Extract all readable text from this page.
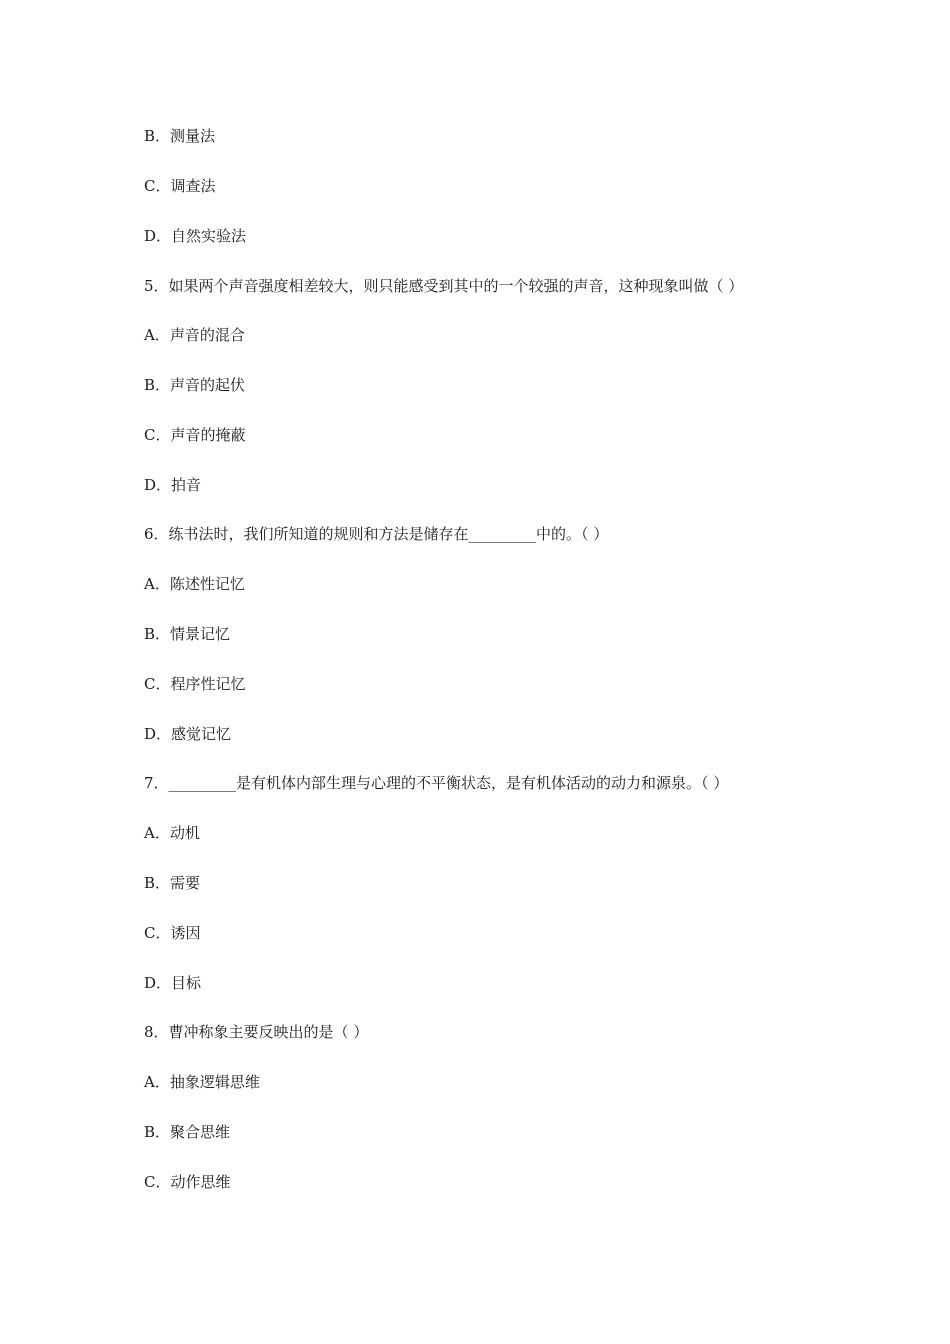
B．测量法
C．调查法
D．自然实验法
5．如果两个声音强度相差较大，则只能感受到其中的一个较强的声音，这种现象叫做（ ）
A．声音的混合
B．声音的起伏
C．声音的掩蔽
D．拍音
6．练书法时，我们所知道的规则和方法是储存在_________中的。（ ）
A．陈述性记忆
B．情景记忆
C．程序性记忆
D．感觉记忆
7．_________是有机体内部生理与心理的不平衡状态，是有机体活动的动力和源泉。（ ）
A．动机
B．需要
C．诱因
D．目标
8．曹冲称象主要反映出的是（ ）
A．抽象逻辑思维
B．聚合思维
C．动作思维
